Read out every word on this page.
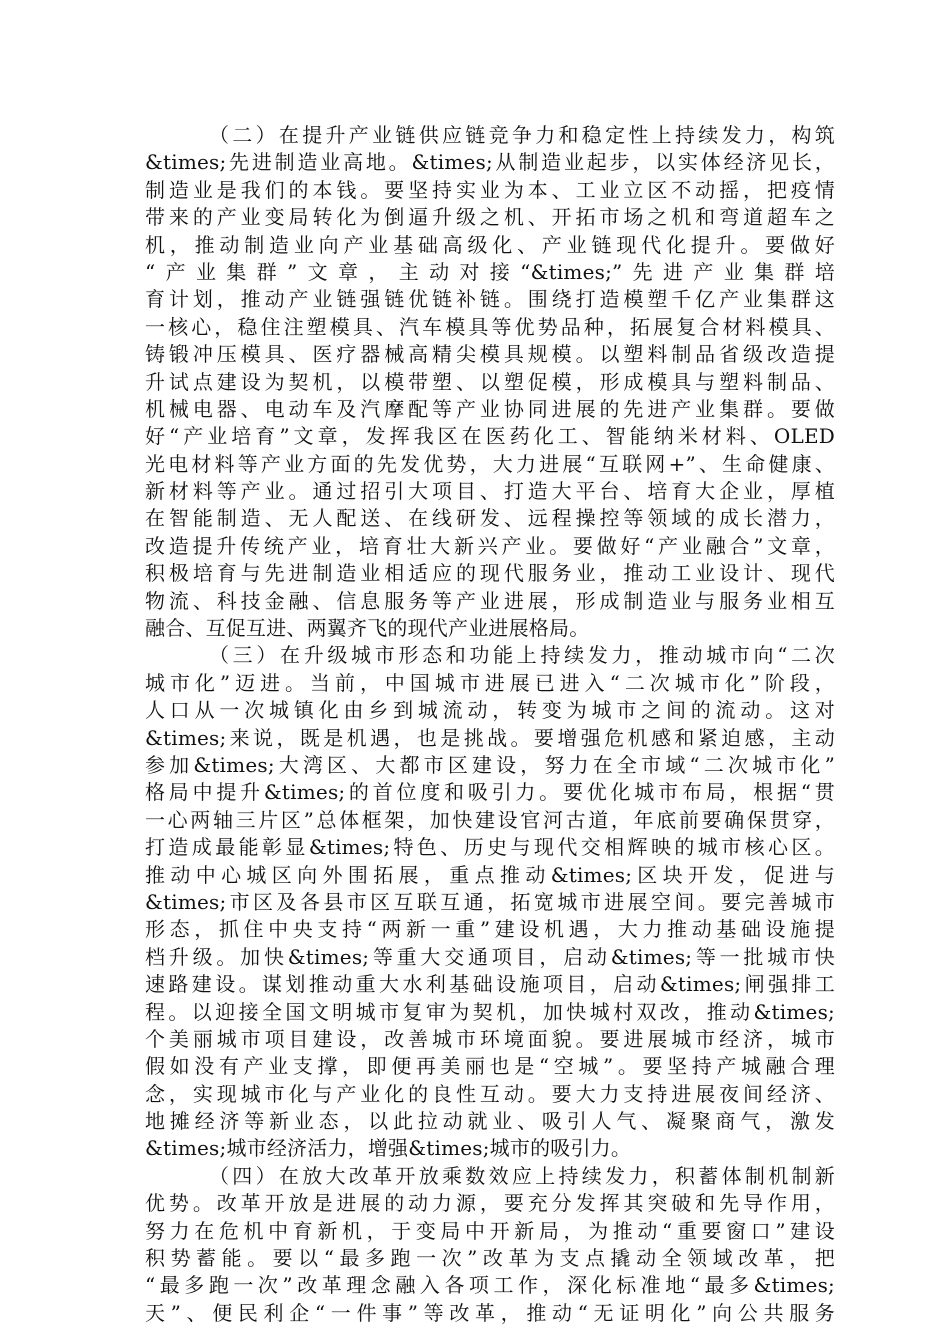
（二）在提升产业链供应链竞争力和稳定性上持续发力，构筑
&times;先进制造业高地。&times;从制造业起步，以实体经济见长，
制造业是我们的本钱。要坚持实业为本、工业立区不动摇，把疫情
带来的产业变局转化为倒逼升级之机、开拓市场之机和弯道超车之
机，推动制造业向产业基础高级化、产业链现代化提升。要做好
“产业集群”文章，主动对接“&times;”先进产业集群培
育计划，推动产业链强链优链补链。围绕打造模塑千亿产业集群这
一核心，稳住注塑模具、汽车模具等优势品种，拓展复合材料模具、
铸锻冲压模具、医疗器械高精尖模具规模。以塑料制品省级改造提
升试点建设为契机，以模带塑、以塑促模，形成模具与塑料制品、
机械电器、电动车及汽摩配等产业协同进展的先进产业集群。要做
好“产业培育”文章，发挥我区在医药化工、智能纳米材料、OLED
光电材料等产业方面的先发优势，大力进展“互联网+”、生命健康、
新材料等产业。通过招引大项目、打造大平台、培育大企业，厚植
在智能制造、无人配送、在线研发、远程操控等领域的成长潜力，
改造提升传统产业，培育壮大新兴产业。要做好“产业融合”文章，
积极培育与先进制造业相适应的现代服务业，推动工业设计、现代
物流、科技金融、信息服务等产业进展，形成制造业与服务业相互
融合、互促互进、两翼齐飞的现代产业进展格局。
（三）在升级城市形态和功能上持续发力，推动城市向“二次
城市化”迈进。当前，中国城市进展已进入“二次城市化”阶段，
人口从一次城镇化由乡到城流动，转变为城市之间的流动。这对
&times;来说，既是机遇，也是挑战。要增强危机感和紧迫感，主动
参加&times;大湾区、大都市区建设，努力在全市域“二次城市化”
格局中提升&times;的首位度和吸引力。要优化城市布局，根据“贯
一心两轴三片区”总体框架，加快建设官河古道，年底前要确保贯穿，
打造成最能彰显&times;特色、历史与现代交相辉映的城市核心区。
推动中心城区向外围拓展，重点推动&times;区块开发，促进与
&times;市区及各县市区互联互通，拓宽城市进展空间。要完善城市
形态，抓住中央支持“两新一重”建设机遇，大力推动基础设施提
档升级。加快&times;等重大交通项目，启动&times;等一批城市快
速路建设。谋划推动重大水利基础设施项目，启动&times;闸强排工
程。以迎接全国文明城市复审为契机，加快城村双改，推动&times;
个美丽城市项目建设，改善城市环境面貌。要进展城市经济，城市
假如没有产业支撑，即便再美丽也是“空城”。要坚持产城融合理
念，实现城市化与产业化的良性互动。要大力支持进展夜间经济、
地摊经济等新业态，以此拉动就业、吸引人气、凝聚商气，激发
&times;城市经济活力，增强&times;城市的吸引力。
（四）在放大改革开放乘数效应上持续发力，积蓄体制机制新
优势。改革开放是进展的动力源，要充分发挥其突破和先导作用，
努力在危机中育新机，于变局中开新局，为推动“重要窗口”建设
积势蓄能。要以“最多跑一次”改革为支点撬动全领域改革，把
“最多跑一次”改革理念融入各项工作，深化标准地“最多&times;
天”、便民利企“一件事”等改革，推动“无证明化”向公共服务
